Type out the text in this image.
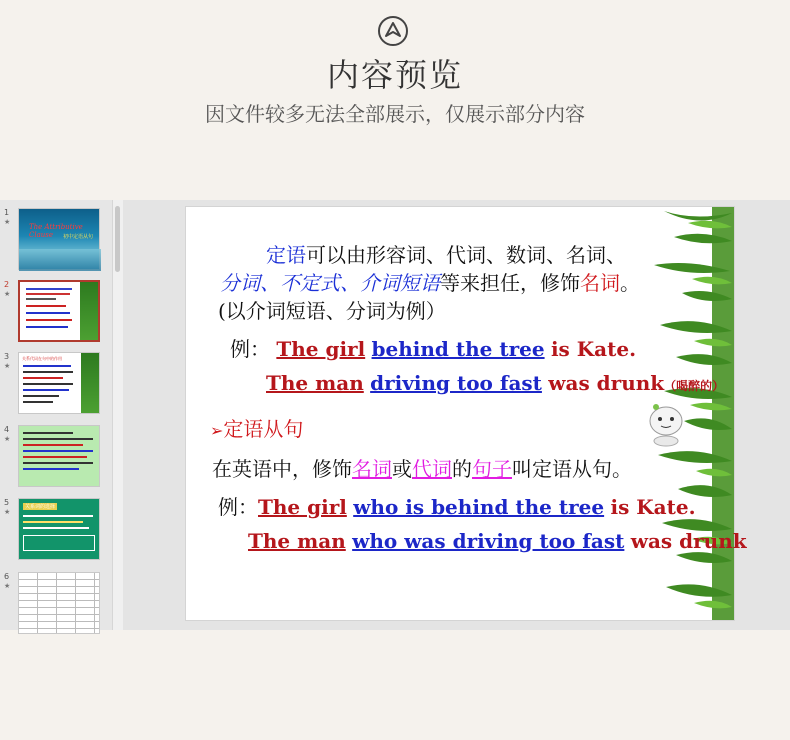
内容预览
因文件较多无法全部展示，仅展示部分内容
1
★
The Attributive Clause	初中定语从句
2
★
3
★
关系代词在句中的作用
4
★
5
★
关系词的选择
6
★
定语可以由形容词、代词、数词、名词、
分词、不定式、介词短语等来担任，修饰名词。
(以介词短语、分词为例）
例： The girl behind the tree is Kate.
The man driving too fast was drunk（喝醉的）
➢定语从句
在英语中，修饰名词或代词的句子叫定语从句。
例：The girl who is behind the tree is Kate.
The man who was driving too fast was drunk
